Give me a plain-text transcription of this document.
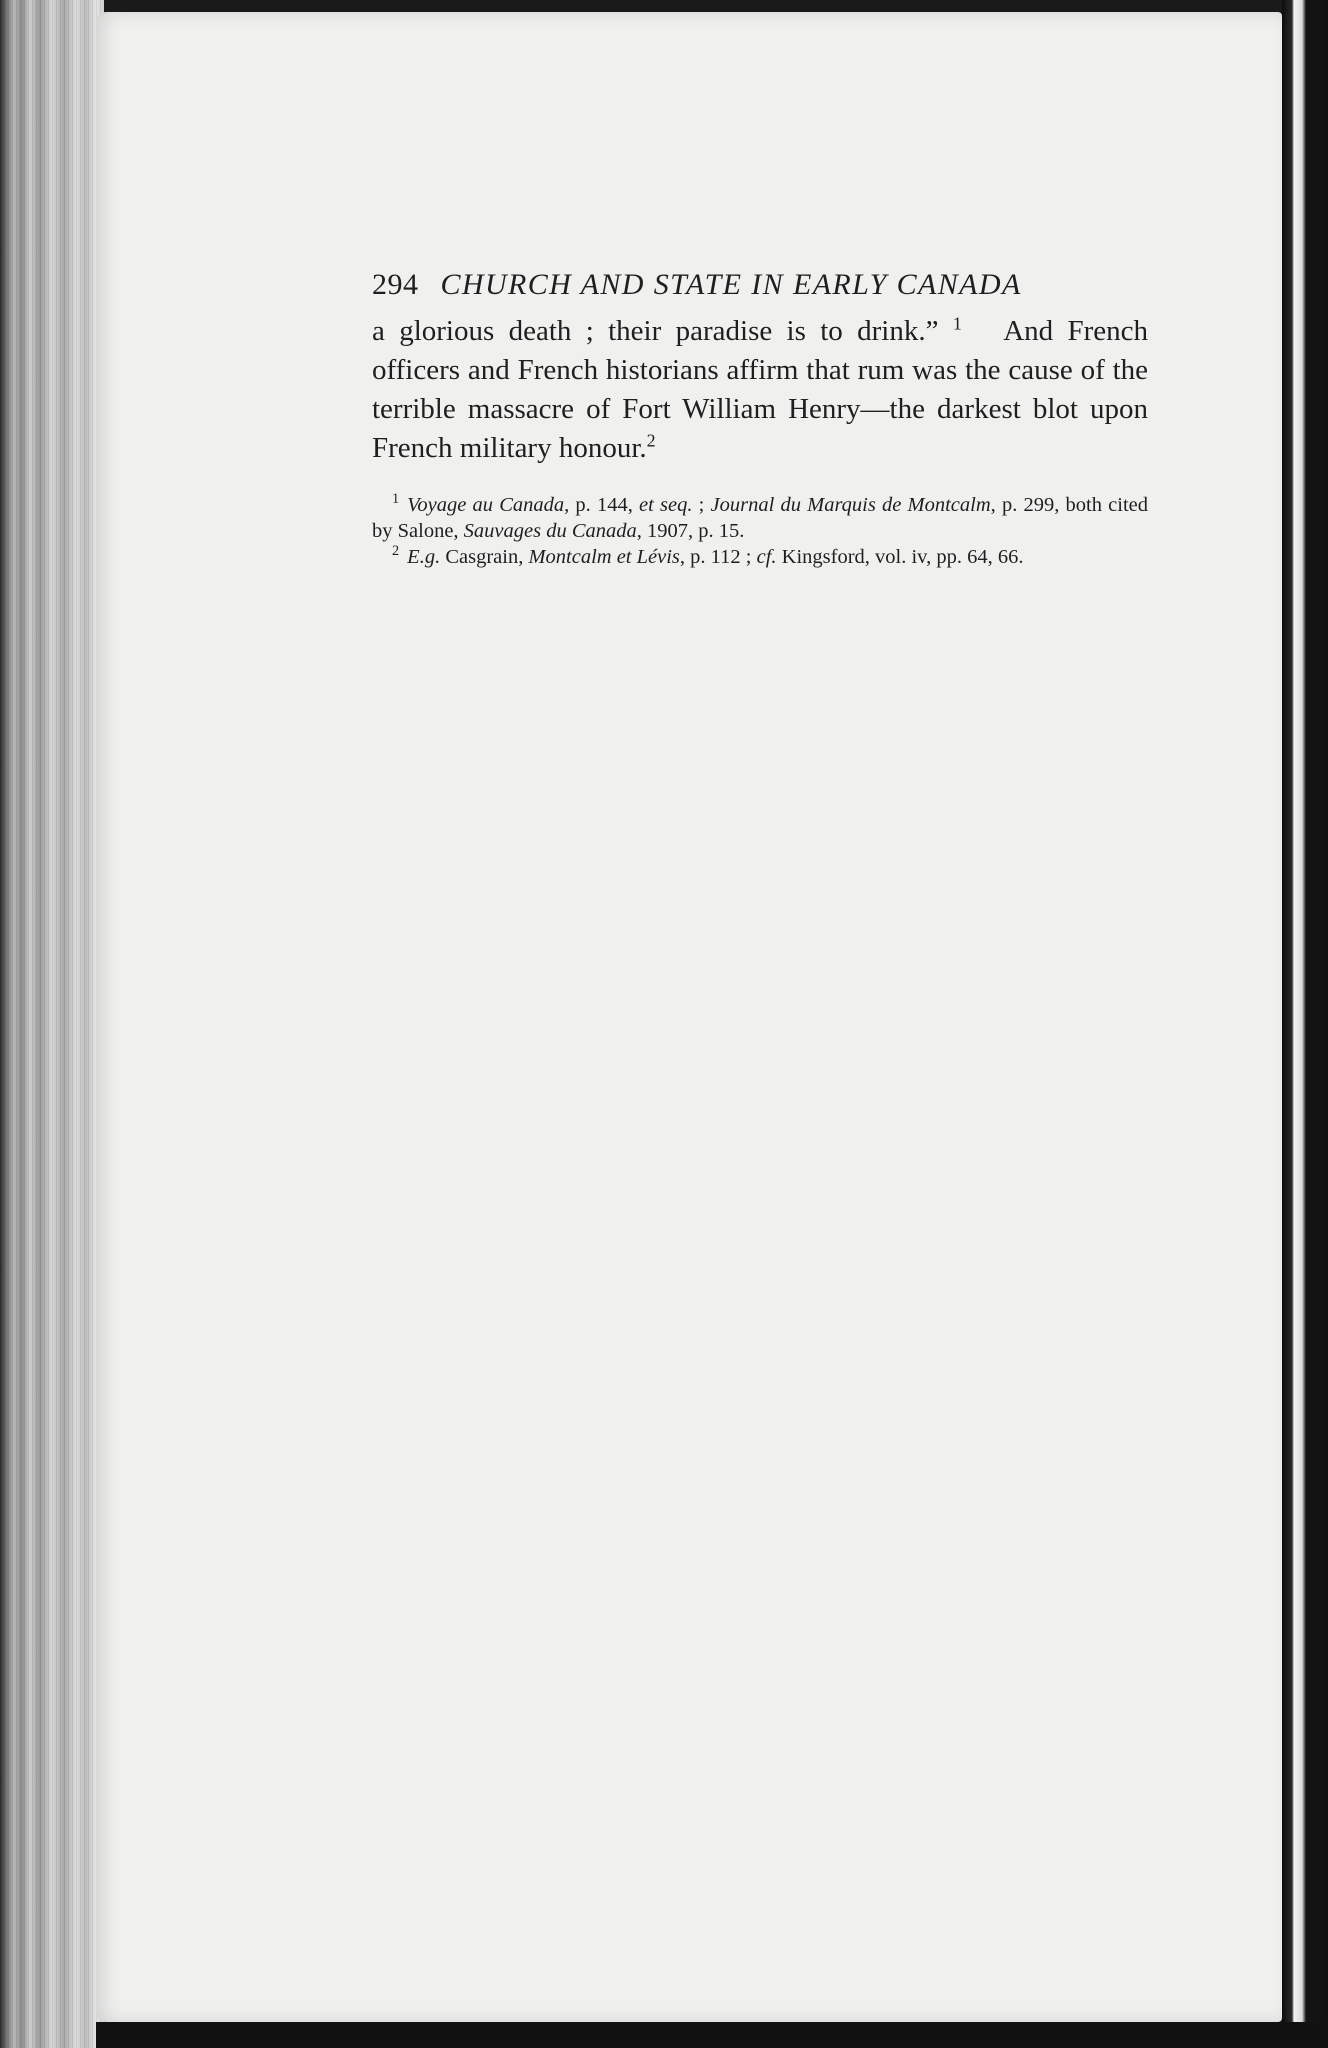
294 CHURCH AND STATE IN EARLY CANADA

a glorious death ; their paradise is to drink.” $^1$   And French officers and French historians affirm that rum was the cause of the terrible massacre of Fort William Henry—the darkest blot upon French military honour.$^2$

$^1$ Voyage au Canada, p. 144, et seq. ; Journal du Marquis de Montcalm, p. 299, both cited by Salone, Sauvages du Canada, 1907, p. 15.

$^2$ E.g. Casgrain, Montcalm et Lévis, p. 112 ; cf. Kingsford, vol. iv, pp. 64, 66.
